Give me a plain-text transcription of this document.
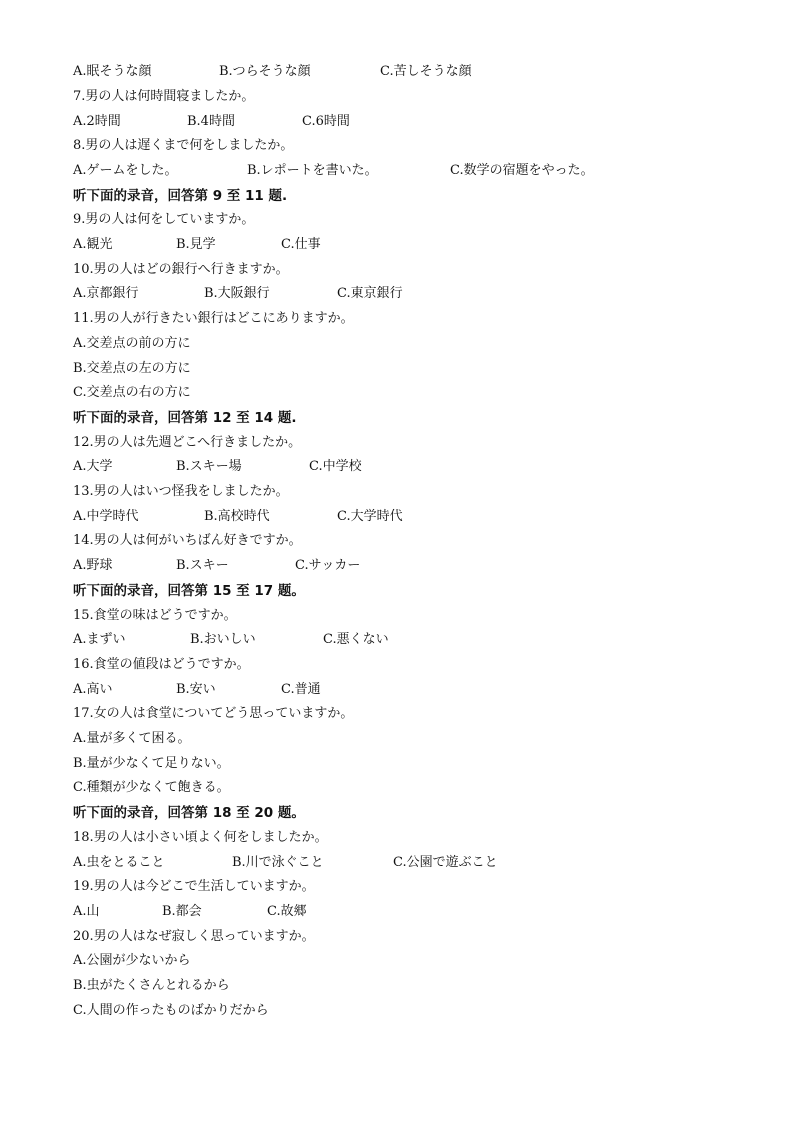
A.眠そうな顔	B.つらそうな顔	C.苦しそうな顔
7.男の人は何時間寝ましたか。
A.2時間	B.4時間	C.6時間
8.男の人は遅くまで何をしましたか。
A.ゲームをした。	B.レポートを書いた。	C.数学の宿題をやった。
听下面的录音，回答第 9 至 11 题.
9.男の人は何をしていますか。
A.観光	B.見学	C.仕事
10.男の人はどの銀行へ行きますか。
A.京都銀行	B.大阪銀行	C.東京銀行
11.男の人が行きたい銀行はどこにありますか。
A.交差点の前の方に
B.交差点の左の方に
C.交差点の右の方に
听下面的录音，回答第 12 至 14 题.
12.男の人は先週どこへ行きましたか。
A.大学	B.スキー場	C.中学校
13.男の人はいつ怪我をしましたか。
A.中学時代	B.高校時代	C.大学時代
14.男の人は何がいちばん好きですか。
A.野球	B.スキー	C.サッカー
听下面的录音，回答第 15 至 17 题。
15.食堂の味はどうですか。
A.まずい	B.おいしい	C.悪くない
16.食堂の値段はどうですか。
A.高い	B.安い	C.普通
17.女の人は食堂についてどう思っていますか。
A.量が多くて困る。
B.量が少なくて足りない。
C.種類が少なくて飽きる。
听下面的录音，回答第 18 至 20 题。
18.男の人は小さい頃よく何をしましたか。
A.虫をとること	B.川で泳ぐこと	C.公園で遊ぶこと
19.男の人は今どこで生活していますか。
A.山	B.都会	C.故郷
20.男の人はなぜ寂しく思っていますか。
A.公園が少ないから
B.虫がたくさんとれるから
C.人間の作ったものばかりだから
